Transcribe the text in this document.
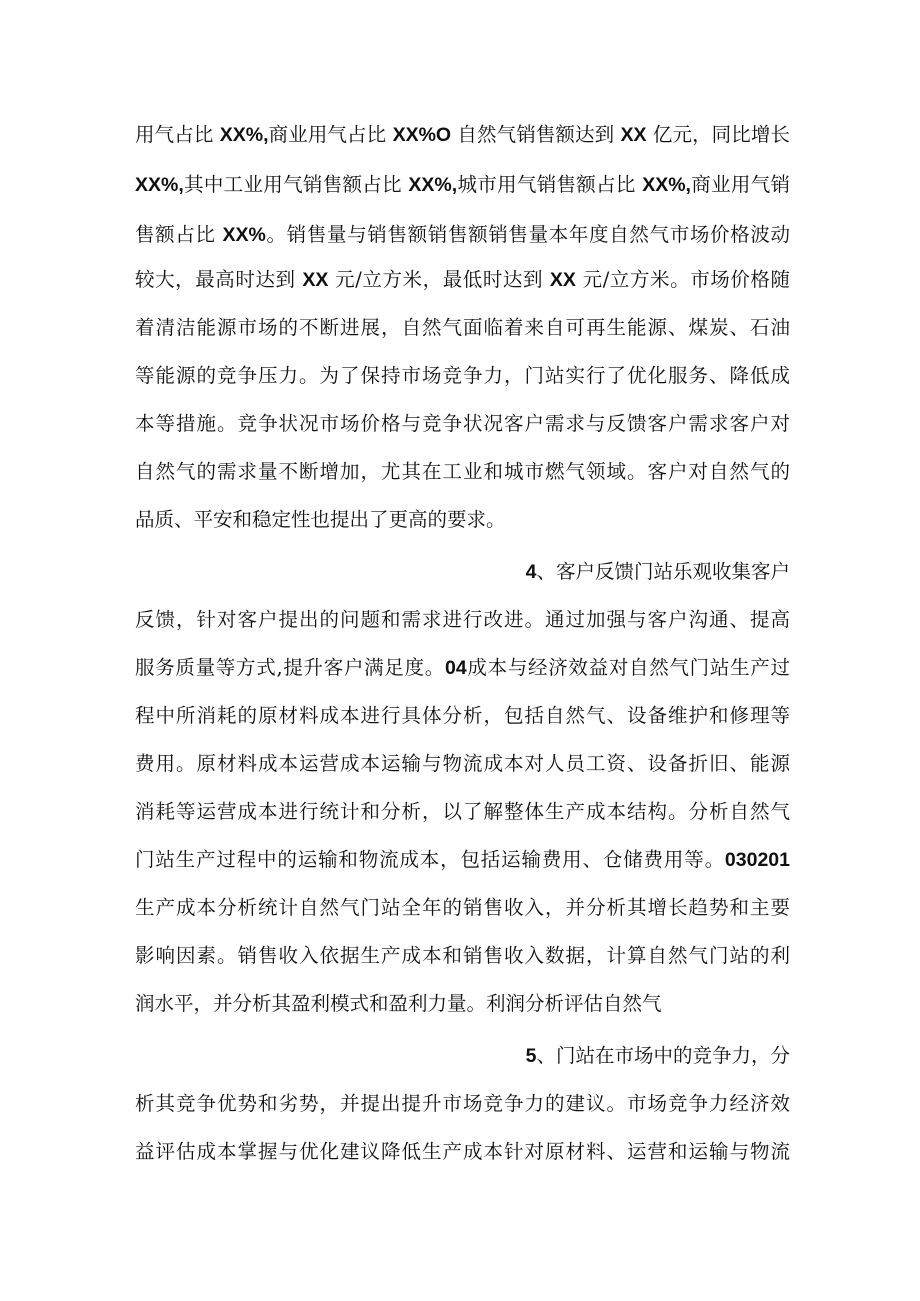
用气占比 XX%,商业用气占比 XX%O 自然气销售额达到 XX 亿元，同比增长
XX%,其中工业用气销售额占比 XX%,城市用气销售额占比 XX%,商业用气销
售额占比 XX%。销售量与销售额销售额销售量本年度自然气市场价格波动
较大，最高时达到 XX 元/立方米，最低时达到 XX 元/立方米。市场价格随
着清洁能源市场的不断进展，自然气面临着来自可再生能源、煤炭、石油
等能源的竞争压力。为了保持市场竞争力，门站实行了优化服务、降低成
本等措施。竞争状况市场价格与竞争状况客户需求与反馈客户需求客户对
自然气的需求量不断增加，尤其在工业和城市燃气领域。客户对自然气的
品质、平安和稳定性也提出了更高的要求。
4、客户反馈门站乐观收集客户
反馈，针对客户提出的问题和需求进行改进。通过加强与客户沟通、提高
服务质量等方式,提升客户满足度。04成本与经济效益对自然气门站生产过
程中所消耗的原材料成本进行具体分析，包括自然气、设备维护和修理等
费用。原材料成本运营成本运输与物流成本对人员工资、设备折旧、能源
消耗等运营成本进行统计和分析，以了解整体生产成本结构。分析自然气
门站生产过程中的运输和物流成本，包括运输费用、仓储费用等。030201
生产成本分析统计自然气门站全年的销售收入，并分析其增长趋势和主要
影响因素。销售收入依据生产成本和销售收入数据，计算自然气门站的利
润水平，并分析其盈利模式和盈利力量。利润分析评估自然气
5、门站在市场中的竞争力，分
析其竞争优势和劣势，并提出提升市场竞争力的建议。市场竞争力经济效
益评估成本掌握与优化建议降低生产成本针对原材料、运营和运输与物流
